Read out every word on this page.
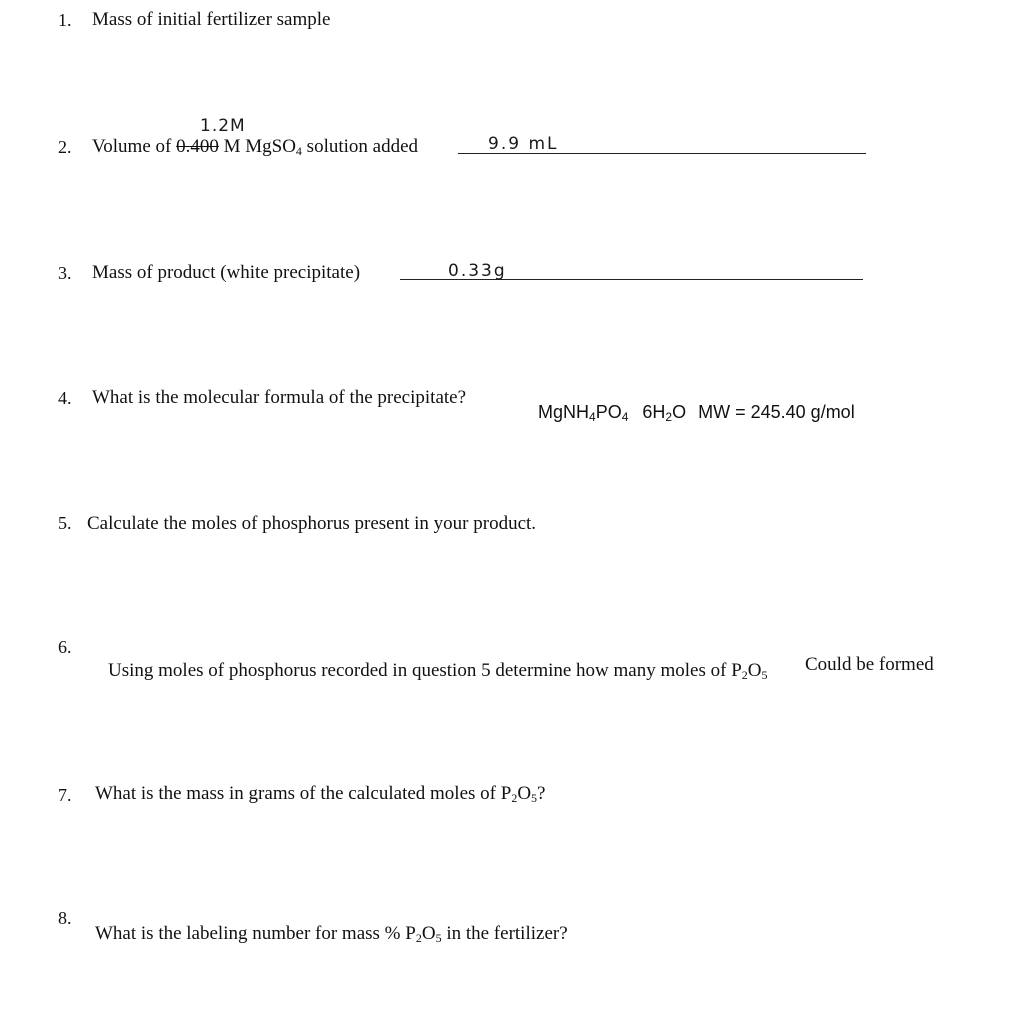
1. Mass of initial fertilizer sample
2.
1.2M
Volume of 0.400 M MgSO$_4$ solution added	9.9 mL
3. Mass of product (white precipitate)	0.33g
4. What is the molecular formula of the precipitate?
$MgNH_4PO_4$ $6H_2O$ MW = 245.40 g/mol
5. Calculate the moles of phosphorus present in your product.
6.
Using moles of phosphorus recorded in question 5 determine how many moles of $P_2O_5$ Could be formed
7. What is the mass in grams of the calculated moles of $P_2O_5$?
8.
What is the labeling number for mass % $P_2O_5$ in the fertilizer?
